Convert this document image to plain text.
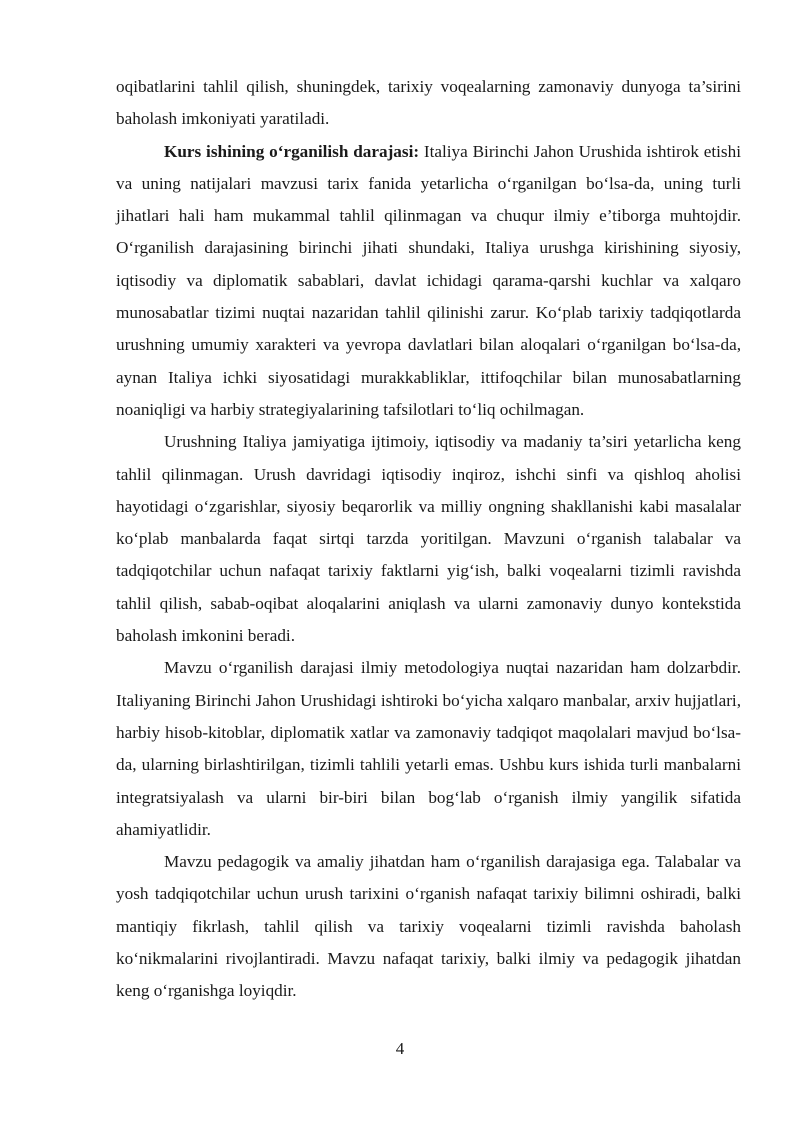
oqibatlarini tahlil qilish, shuningdek, tarixiy voqealarning zamonaviy dunyoga ta’sirini baholash imkoniyati yaratiladi.

Kurs ishining o‘rganilish darajasi: Italiya Birinchi Jahon Urushida ishtirok etishi va uning natijalari mavzusi tarix fanida yetarlicha o‘rganilgan bo‘lsa-da, uning turli jihatlari hali ham mukammal tahlil qilinmagan va chuqur ilmiy e’tiborga muhtojdir. O‘rganilish darajasining birinchi jihati shundaki, Italiya urushga kirishining siyosiy, iqtisodiy va diplomatik sabablari, davlat ichidagi qarama-qarshi kuchlar va xalqaro munosabatlar tizimi nuqtai nazaridan tahlil qilinishi zarur. Ko‘plab tarixiy tadqiqotlarda urushning umumiy xarakteri va yevropa davlatlari bilan aloqalari o‘rganilgan bo‘lsa-da, aynan Italiya ichki siyosatidagi murakkabliklar, ittifoqchilar bilan munosabatlarning noaniqligi va harbiy strategiyalarining tafsilotlari to‘liq ochilmagan.

Urushning Italiya jamiyatiga ijtimoiy, iqtisodiy va madaniy ta’siri yetarlicha keng tahlil qilinmagan. Urush davridagi iqtisodiy inqiroz, ishchi sinfi va qishloq aholisi hayotidagi o‘zgarishlar, siyosiy beqarorlik va milliy ongning shakllanishi kabi masalalar ko‘plab manbalarda faqat sirtqi tarzda yoritilgan. Mavzuni o‘rganish talabalar va tadqiqotchilar uchun nafaqat tarixiy faktlarni yig‘ish, balki voqealarni tizimli ravishda tahlil qilish, sabab-oqibat aloqalarini aniqlash va ularni zamonaviy dunyo kontekstida baholash imkonini beradi.

Mavzu o‘rganilish darajasi ilmiy metodologiya nuqtai nazaridan ham dolzarbdir. Italiyaning Birinchi Jahon Urushidagi ishtiroki bo‘yicha xalqaro manbalar, arxiv hujjatlari, harbiy hisob-kitoblar, diplomatik xatlar va zamonaviy tadqiqot maqolalari mavjud bo‘lsa-da, ularning birlashtirilgan, tizimli tahlili yetarli emas. Ushbu kurs ishida turli manbalarni integratsiyalash va ularni bir-biri bilan bog‘lab o‘rganish ilmiy yangilik sifatida ahamiyatlidir.

Mavzu pedagogik va amaliy jihatdan ham o‘rganilish darajasiga ega. Talabalar va yosh tadqiqotchilar uchun urush tarixini o‘rganish nafaqat tarixiy bilimni oshiradi, balki mantiqiy fikrlash, tahlil qilish va tarixiy voqealarni tizimli ravishda baholash ko‘nikmalarini rivojlantiradi. Mavzu nafaqat tarixiy, balki ilmiy va pedagogik jihatdan keng o‘rganishga loyiqdir.

4
